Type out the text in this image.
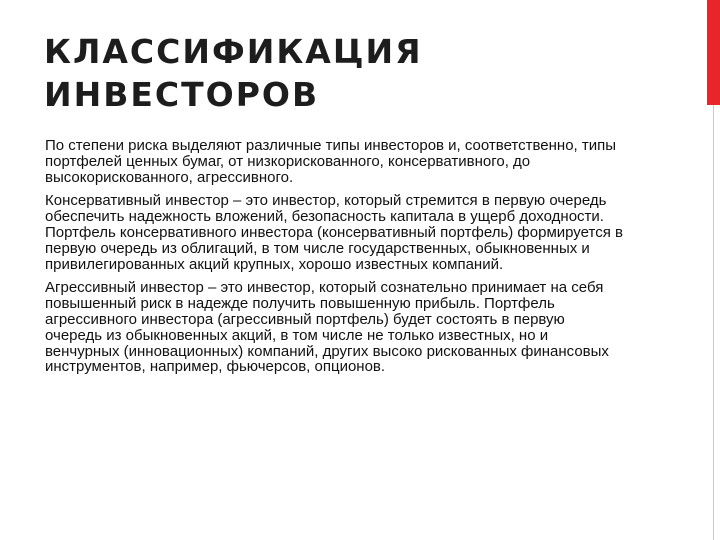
КЛАССИФИКАЦИЯ
ИНВЕСТОРОВ

По степени риска выделяют различные типы инвесторов и, соответственно, типы портфелей ценных бумаг, от низкорискованного, консервативного, до высокорискованного, агрессивного.

Консервативный инвестор – это инвестор, который стремится в первую очередь обеспечить надежность вложений, безопасность капитала в ущерб доходности. Портфель консервативного инвестора (консервативный портфель) формируется в первую очередь из облигаций, в том числе государственных, обыкновенных и привилегированных акций крупных, хорошо известных компаний.

Агрессивный инвестор – это инвестор, который сознательно принимает на себя повышенный риск в надежде получить повышенную прибыль. Портфель агрессивного инвестора (агрессивный портфель) будет состоять в первую очередь из обыкновенных акций, в том числе не только известных, но и венчурных (инновационных) компаний, других высоко рискованных финансовых инструментов, например, фьючерсов, опционов.
